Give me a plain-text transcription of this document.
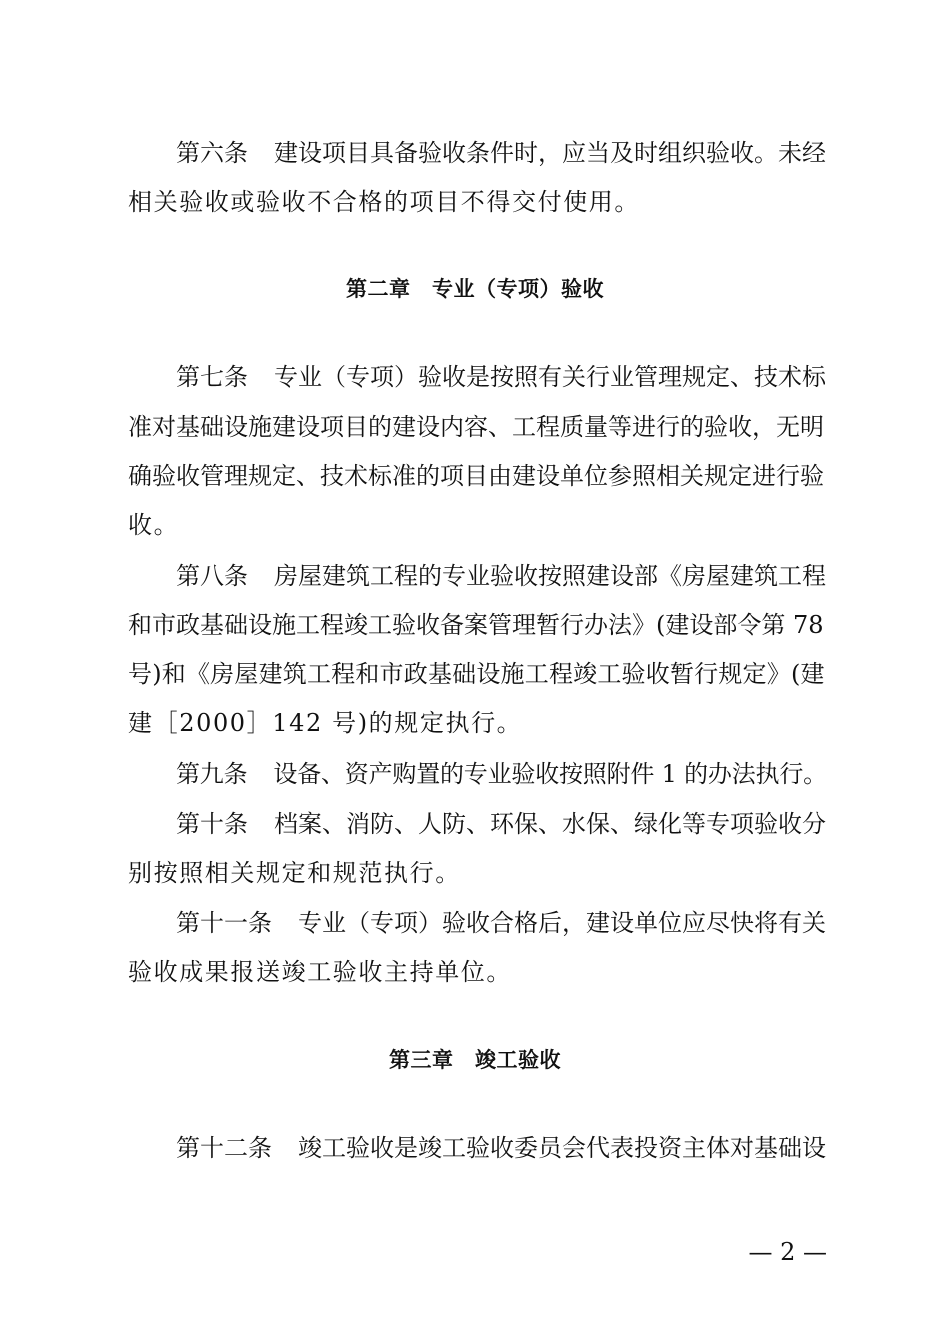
第六条 建设项目具备验收条件时，应当及时组织验收。未经
相关验收或验收不合格的项目不得交付使用。
第二章　专业（专项）验收
第七条 专业（专项）验收是按照有关行业管理规定、技术标
准对基础设施建设项目的建设内容、工程质量等进行的验收，无明
确验收管理规定、技术标准的项目由建设单位参照相关规定进行验
收。
第八条 房屋建筑工程的专业验收按照建设部《房屋建筑工程
和市政基础设施工程竣工验收备案管理暂行办法》(建设部令第 78
号)和《房屋建筑工程和市政基础设施工程竣工验收暂行规定》(建
建［2000］142 号)的规定执行。
第九条 设备、资产购置的专业验收按照附件 1 的办法执行。
第十条 档案、消防、人防、环保、水保、绿化等专项验收分
别按照相关规定和规范执行。
第十一条 专业（专项）验收合格后，建设单位应尽快将有关
验收成果报送竣工验收主持单位。
第三章　竣工验收
第十二条 竣工验收是竣工验收委员会代表投资主体对基础设
— 2 —
